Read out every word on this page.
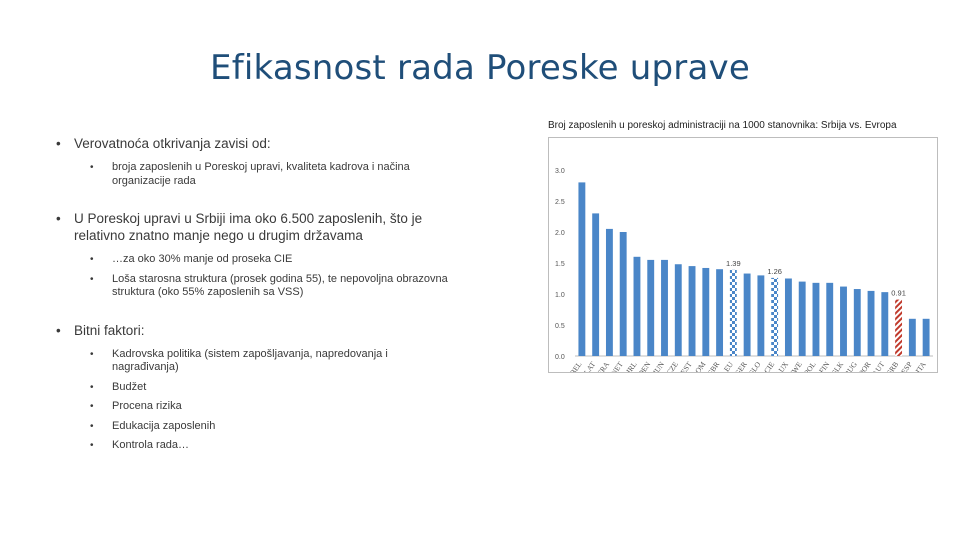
Efikasnost rada Poreske uprave
• Verovatnoća otkrivanja zavisi od:
• broja zaposlenih u Poreskoj upravi, kvaliteta kadrova i načina organizacije rada
• U Poreskoj upravi u Srbiji ima oko 6.500 zaposlenih, što je relativno znatno manje nego u drugim državama
• …za oko 30% manje od proseka CIE
• Loša starosna struktura (prosek godina 55), te nepovoljna obrazovna struktura (oko 55% zaposlenih sa VSS)
• Bitni faktori:
• Kadrovska politika (sistem zapošljavanja, napredovanja i nagrađivanja)
• Budžet
• Procena rizika
• Edukacija zaposlenih
• Kontrola rada…
Broj zaposlenih u poreskoj administraciji na 1000 stanovnika: Srbija vs. Evropa
0.0
0.5
1.0
1.5
2.0
2.5
3.0
BEL
LAT
FRA
NET IRL
DEN
HUN
CZE
EST
ROM
GBR EU
GER
SLO CIE
LUX
SWE
POL FIN
SLK
BUG
POR
AUT
SRB
ESP ITA
1.39
1.26
0.91
